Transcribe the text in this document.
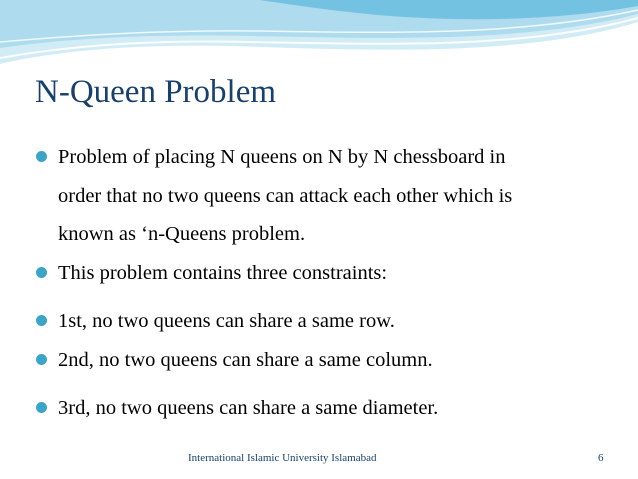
N-Queen Problem
Problem of placing N queens on N by N chessboard in
order that no two queens can attack each other which is
known as ‘n-Queens problem.
This problem contains three constraints:
1st, no two queens can share a same row.
2nd, no two queens can share a same column.
3rd, no two queens can share a same diameter.
International Islamic University Islamabad	6
